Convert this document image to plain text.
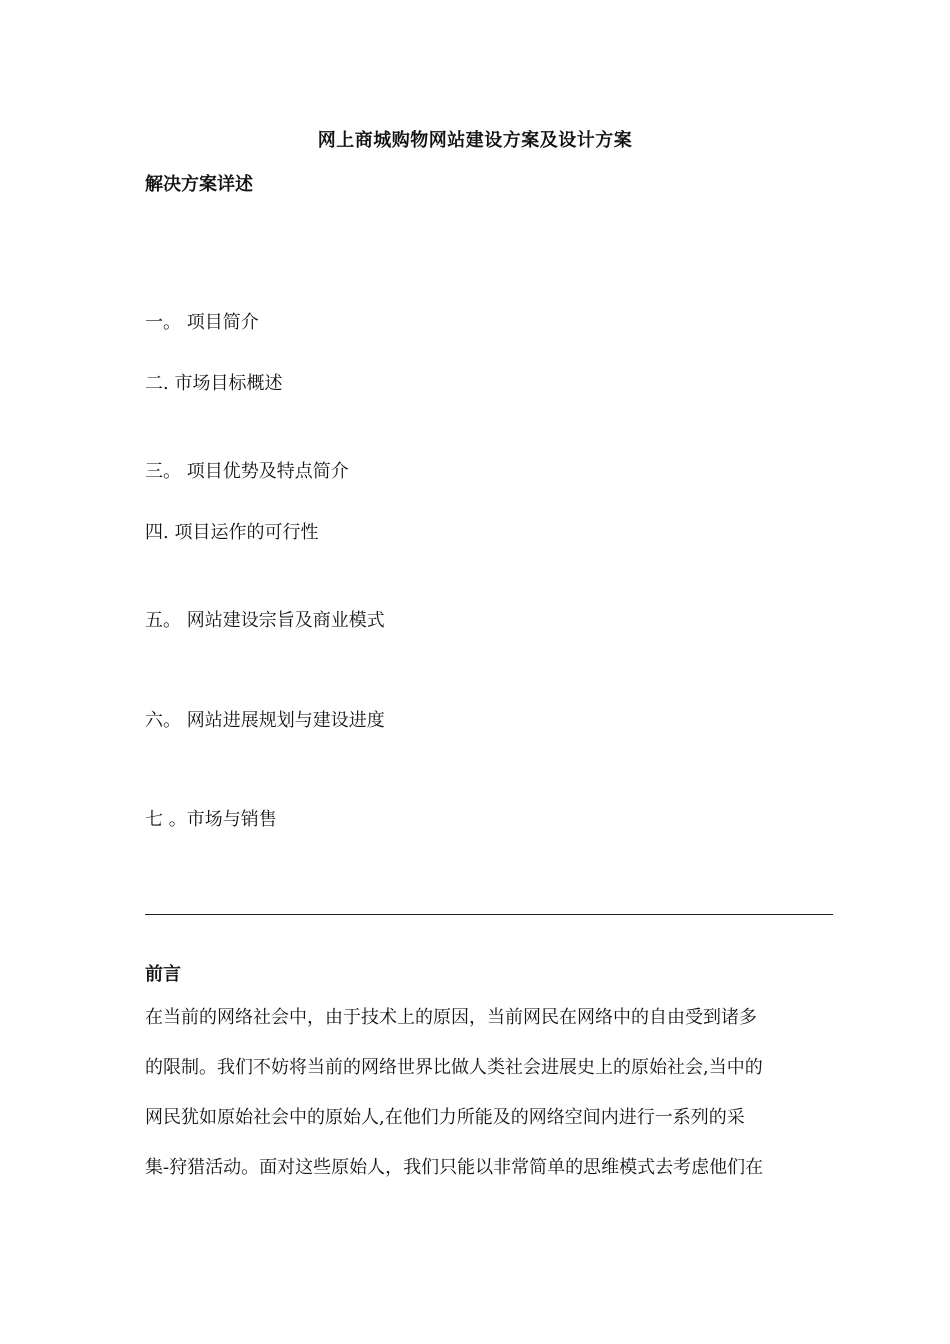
网上商城购物网站建设方案及设计方案
解决方案详述
一。 项目简介
二. 市场目标概述
三。 项目优势及特点简介
四. 项目运作的可行性
五。 网站建设宗旨及商业模式
六。 网站进展规划与建设进度
七 。市场与销售
前言
在当前的网络社会中，由于技术上的原因，当前网民在网络中的自由受到诸多
的限制。我们不妨将当前的网络世界比做人类社会进展史上的原始社会,当中的
网民犹如原始社会中的原始人,在他们力所能及的网络空间内进行一系列的采
集-狩猎活动。面对这些原始人，我们只能以非常简单的思维模式去考虑他们在
